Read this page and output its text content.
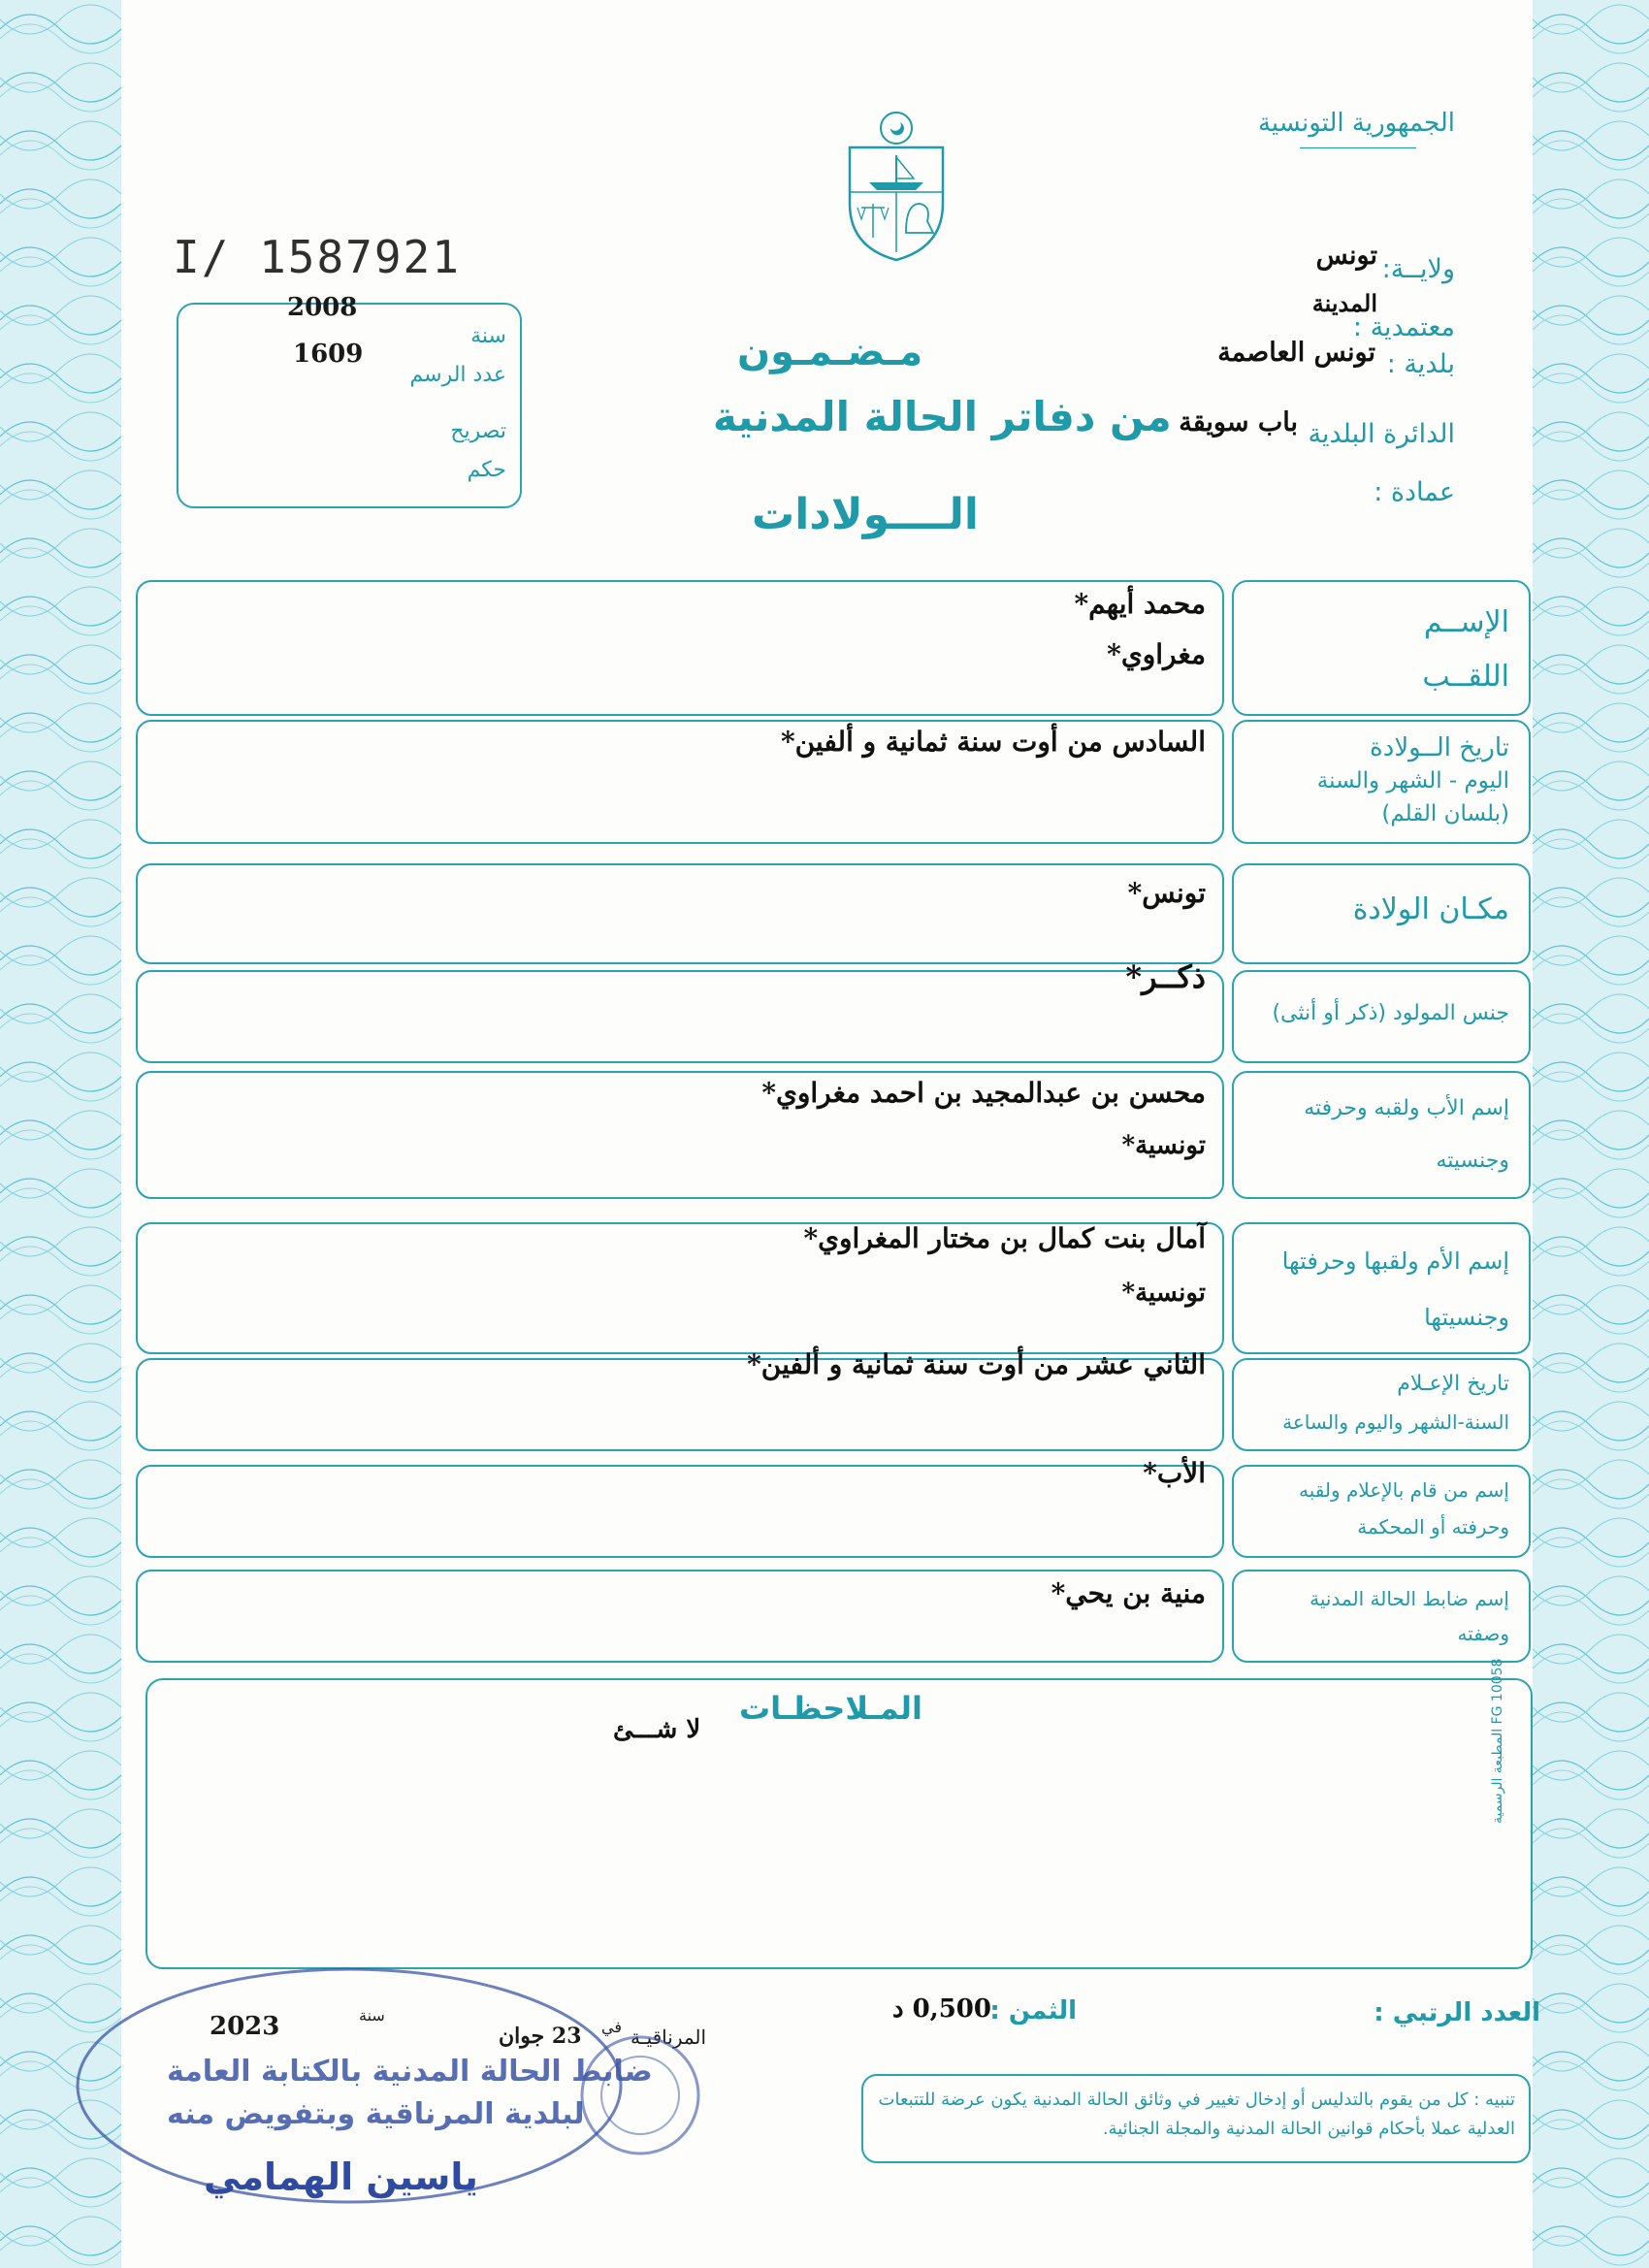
الجمهورية التونسية
I/ 1587921
سنة
2008
عدد الرسم
1609
تصريح
حكم
ولايــة:
تونس
معتمدية :
المدينة
بلدية :
تونس العاصمة
الدائرة البلدية
باب سويقة
عمادة :
مـضـمـون
من دفاتر الحالة المدنية
الــــولادات
الإســم
اللقــب
محمد أيهم*
مغراوي*
تاريخ الــولادة
اليوم - الشهر والسنة
(بلسان القلم)
السادس من أوت سنة ثمانية و ألفين*
مكـان الولادة
تونس*
جنس المولود (ذكر أو أنثى)
ذكــر*
إسم الأب ولقبه وحرفته
وجنسيته
محسن بن عبدالمجيد بن احمد مغراوي*
تونسية*
إسم الأم ولقبها وحرفتها
وجنسيتها
آمال بنت كمال بن مختار المغراوي*
تونسية*
تاريخ الإعـلام
السنة-الشهر واليوم والساعة
الثاني عشر من أوت سنة ثمانية و ألفين*
إسم من قام بالإعلام ولقبه
وحرفته أو المحكمة
الأب*
إسم ضابط الحالة المدنية
وصفته
منية بن يحي*
المـلاحظـات
لا شـــئ	المطبعة الرسمية FG 10058
العدد الرتبي :
الثمن :
0,500 د
المرناقيـة
في
23 جوان
سنة
2023
ضابط الحالة المدنية بالكتابة العامة
لبلدية المرناقية وبتفويض منه
ياسين الهمامي
تنبيه : كل من يقوم بالتدليس أو إدخال تغيير في وثائق الحالة المدنية يكون عرضة للتتبعات العدلية عملا بأحكام قوانين الحالة المدنية والمجلة الجنائية.
